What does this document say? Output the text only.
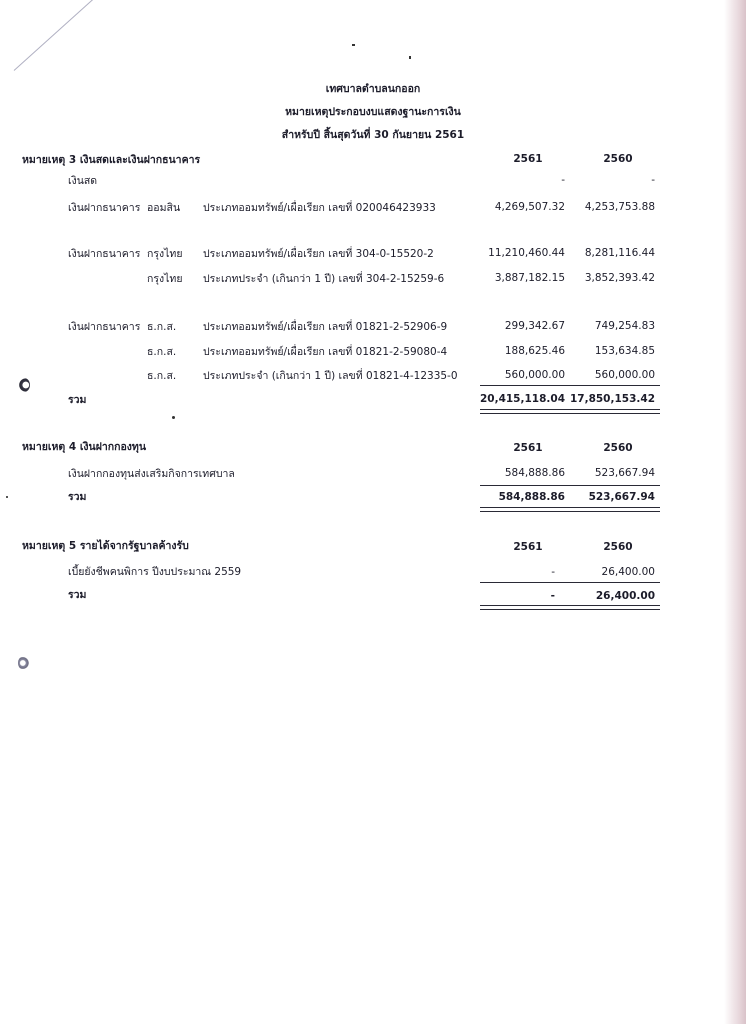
เทศบาลตำบลนกออก
หมายเหตุประกอบงบแสดงฐานะการเงิน
สำหรับปี สิ้นสุดวันที่ 30 กันยายน 2561
หมายเหตุ 3 เงินสดและเงินฝากธนาคาร	2561	2560
เงินสด	-	-
เงินฝากธนาคาร ออมสิน ประเภทออมทรัพย์/เผื่อเรียก เลขที่ 020046423933	4,269,507.32	4,253,753.88
เงินฝากธนาคาร กรุงไทย ประเภทออมทรัพย์/เผื่อเรียก เลขที่ 304-0-15520-2	11,210,460.44	8,281,116.44
กรุงไทย ประเภทประจำ (เกินกว่า 1 ปี) เลขที่ 304-2-15259-6	3,887,182.15	3,852,393.42
เงินฝากธนาคาร ธ.ก.ส.	ประเภทออมทรัพย์/เผื่อเรียก เลขที่ 01821-2-52906-9	299,342.67	749,254.83
ธ.ก.ส.	ประเภทออมทรัพย์/เผื่อเรียก เลขที่ 01821-2-59080-4	188,625.46	153,634.85
ธ.ก.ส.	ประเภทประจำ (เกินกว่า 1 ปี) เลขที่ 01821-4-12335-0	560,000.00	560,000.00
รวม	20,415,118.04 17,850,153.42
หมายเหตุ 4 เงินฝากกองทุน	2561	2560
เงินฝากกองทุนส่งเสริมกิจการเทศบาล	584,888.86	523,667.94
รวม	584,888.86	523,667.94
หมายเหตุ 5 รายได้จากรัฐบาลค้างรับ	2561	2560
เบี้ยยังชีพคนพิการ ปีงบประมาณ 2559	-	26,400.00
รวม	-	26,400.00
